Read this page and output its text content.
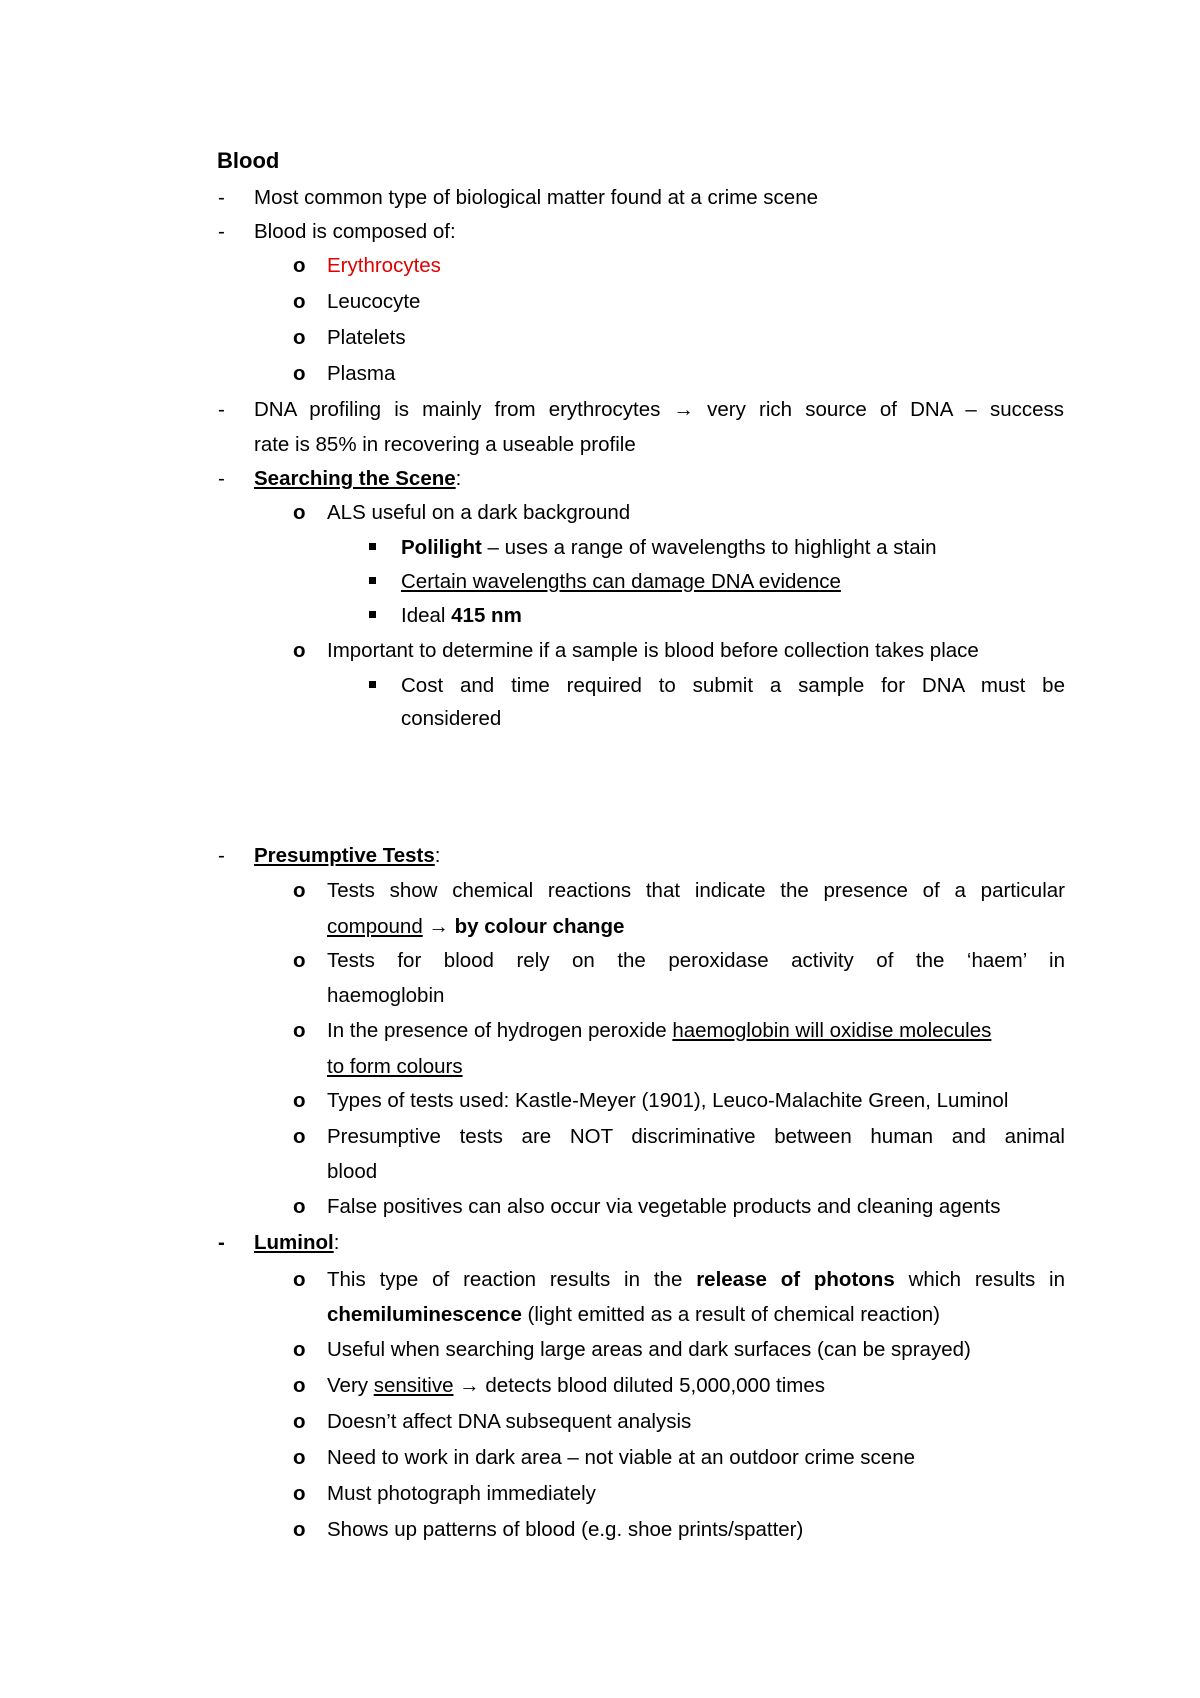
Blood
- Most common type of biological matter found at a crime scene
- Blood is composed of:
o Erythrocytes
o Leucocyte
o Platelets
o Plasma
- DNA profiling is mainly from erythrocytes → very rich source of DNA – success
rate is 85% in recovering a useable profile
- Searching the Scene:
o ALS useful on a dark background
Polilight – uses a range of wavelengths to highlight a stain
Certain wavelengths can damage DNA evidence
Ideal 415 nm
o Important to determine if a sample is blood before collection takes place
Cost and time required to submit a sample for DNA must be
considered
- Presumptive Tests:
o Tests show chemical reactions that indicate the presence of a particular
compound → by colour change
o Tests for blood rely on the peroxidase activity of the ‘haem’ in
haemoglobin
o In the presence of hydrogen peroxide haemoglobin will oxidise molecules
to form colours
o Types of tests used: Kastle-Meyer (1901), Leuco-Malachite Green, Luminol
o Presumptive tests are NOT discriminative between human and animal
blood
o False positives can also occur via vegetable products and cleaning agents
- Luminol:
o This type of reaction results in the release of photons which results in
chemiluminescence (light emitted as a result of chemical reaction)
o Useful when searching large areas and dark surfaces (can be sprayed)
o Very sensitive → detects blood diluted 5,000,000 times
o Doesn’t affect DNA subsequent analysis
o Need to work in dark area – not viable at an outdoor crime scene
o Must photograph immediately
o Shows up patterns of blood (e.g. shoe prints/spatter)
